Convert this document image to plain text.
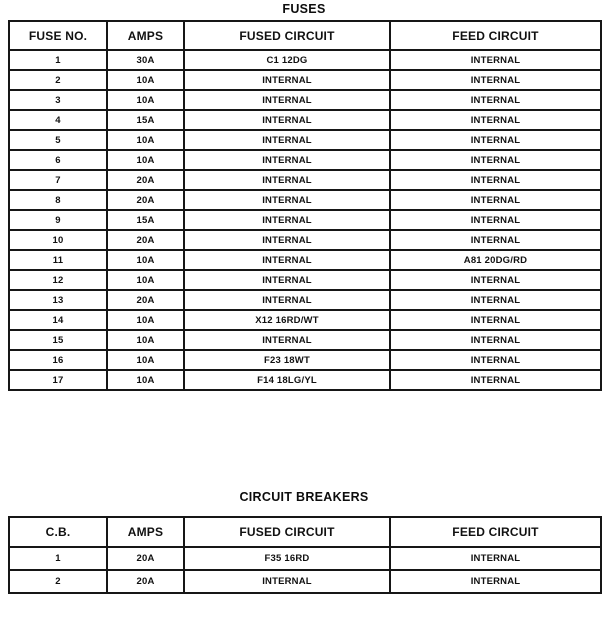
FUSES
FUSE NO.	AMPS	FUSED CIRCUIT	FEED CIRCUIT
1	30A	C1 12DG	INTERNAL
2	10A	INTERNAL	INTERNAL
3	10A	INTERNAL	INTERNAL
4	15A	INTERNAL	INTERNAL
5	10A	INTERNAL	INTERNAL
6	10A	INTERNAL	INTERNAL
7	20A	INTERNAL	INTERNAL
8	20A	INTERNAL	INTERNAL
9	15A	INTERNAL	INTERNAL
10	20A	INTERNAL	INTERNAL
11	10A	INTERNAL	A81 20DG/RD
12	10A	INTERNAL	INTERNAL
13	20A	INTERNAL	INTERNAL
14	10A	X12 16RD/WT	INTERNAL
15	10A	INTERNAL	INTERNAL
16	10A	F23 18WT	INTERNAL
17	10A	F14 18LG/YL	INTERNAL
CIRCUIT BREAKERS
C.B.	AMPS	FUSED CIRCUIT	FEED CIRCUIT
1	20A	F35 16RD	INTERNAL
2	20A	INTERNAL	INTERNAL
